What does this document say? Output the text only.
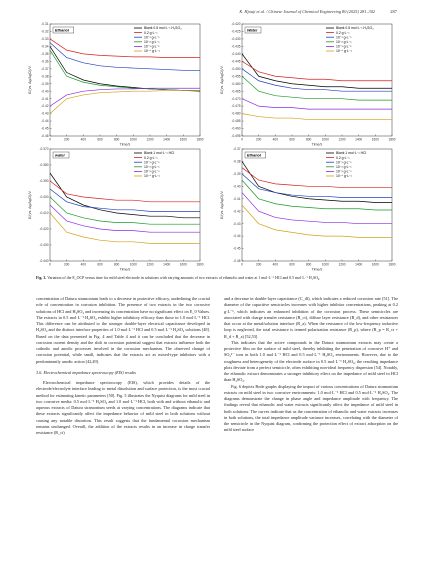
K. Hjouji et al. / Chinese Journal of Chemical Engineering 80 (2025) 281–302	287
0	200	400	600	800	1000	1200	1400	1600	1800
-0.31
-0.32
-0.33
-0.34
-0.35
-0.36
-0.37
-0.38
-0.39
-0.40
-0.41
-0.42
-0.43
-0.44
-0.45
-0.46
Time/s
E/(vs. Ag/AgCl)/V
Ethanol
Blank 0.5 mol·L⁻¹ H₂SO₄
0.2 g·L⁻¹
10⁻¹ g·L⁻¹
10⁻² g·L⁻¹
10⁻³ g·L⁻¹
10⁻⁴ g·L⁻¹
0	200	400	600	800	1000	1200	1400	1600	1800
-0.420
-0.425
-0.430
-0.435
-0.440
-0.445
-0.450
-0.455
-0.460
-0.465
-0.470
-0.475
-0.480
-0.485
-0.490
-0.495
Time/s
E/(vs. Ag/AgCl)/V
Water
Blank 0.5 mol·L⁻¹ H₂SO₄
0.2 g·L⁻¹
10⁻¹ g·L⁻¹
10⁻² g·L⁻¹
10⁻³ g·L⁻¹
10⁻⁴ g·L⁻¹
0	200	400	600	800	1000	1200	1400	1600	1800
-0.370
-0.380
-0.390
-0.400
-0.410
-0.420
-0.430
-0.440
Time/s
E/(vs. Ag/AgCl)/V
water
Blank 1 mol·L⁻¹ HCl
0.2 g·L⁻¹
10⁻¹ g·L⁻¹
10⁻² g·L⁻¹
10⁻³ g·L⁻¹
10⁻⁴ g·L⁻¹
0	200	400	600	800	1000	1200	1400	1600	1800
-0.37
-0.38
-0.39
-0.40
-0.41
-0.42
-0.43
-0.44
-0.45
-0.46
Time/s
E/(vs. Ag/AgCl)/V
Ethanol
Blank 1 mol·L⁻¹ HCl
0.2 g·L⁻¹
10⁻¹ g·L⁻¹
10⁻² g·L⁻¹
10⁻³ g·L⁻¹
10⁻⁴ g·L⁻¹
Fig. 3. Variation of the E_OCP versus time for mild steel electrode in solutions with varying amounts of two extracts of ethanolic and water at 1 mol·L⁻¹ HCl and 0.5 mol·L⁻¹ H₂SO₄.

concentration of Datura stramonium leads to a decrease in protective efficacy, underlining the crucial role of concentration in corrosion inhibition. The presence of two extracts in the two corrosive solutions of HCl and H₂SO₄ and increasing its concentration have no significant effect on E_0 Values. The extracts in 0.5 mol·L⁻¹ H₂SO₄ exhibit higher inhibitory efficacy than those in 1.0 mol·L⁻¹ HCl. This difference can be attributed to the stronger double-layer electrical capacitance developed in H₂SO₄ and the distinct interface properties of 1.0 mol·L⁻¹ HCl and 0.5 mol·L⁻¹ H₂SO₄ solutions [48]. Based on the data presented in Fig. 4 and Table 4 and it can be concluded that the decrease in corrosion current density and the shift in corrosion potential suggest that extracts influence both the cathodic and anodic processes involved in the corrosion mechanism. The observed change of corrosion potential, while small, indicates that the extracts act as mixed-type inhibitors with a predominantly anodic action [42,49].

3.6. Electrochemical impedance spectroscopy (EIS) results

Electrochemical impedance spectroscopy (EIS), which provides details of the electrode/electrolyte interface leading to metal dissolution and surface protection, is the most crucial method for estimating kinetic parameters [50]. Fig. 5 illustrates the Nyquist diagrams for mild steel in two corrosive media: 0.5 mol·L⁻¹ H₂SO₄ and 1.0 mol·L⁻¹ HCl, both with and without ethanolic and aqueous extracts of Datura stramonium seeds at varying concentrations. The diagrams indicate that these extracts significantly affect the impedance behavior of mild steel in both solutions without causing any notable distortion. This result suggests that the fundamental corrosion mechanism remains unchanged. Overall, the addition of the extracts results in an increase in charge transfer resistance (R_ct)

and a decrease in double-layer capacitance (C_dl), which indicates a reduced corrosion rate [51]. The diameter of the capacitive semicircles increases with higher inhibitor concentrations, peaking at 0.2 g·L⁻¹, which indicates an enhanced inhibition of the corrosion process. These semicircles are associated with charge transfer resistance (R_ct), diffuse layer resistance (R_d), and other resistances that occur at the metal/solution interface (R_a). When the resistance of the low-frequency inductive loop is neglected, the total resistance is termed polarization resistance (R_p), where (R_p = R_ct + R_d + R_a) [52,53].

This indicates that the active compounds in the Datura stramonium extracts may create a protective film on the surface of mild steel, thereby inhibiting the penetration of corrosive H⁺ and SO₄²⁻ ions in both 1.0 mol·L⁻¹ HCl and 0.5 mol·L⁻¹ H₂SO₄ environments. However, due to the roughness and heterogeneity of the electrode surface in 0.5 mol·L⁻¹ H₂SO₄, the resulting impedance plots deviate from a perfect semicircle, often exhibiting non-ideal frequency dispersion [54]. Notably, the ethanolic extract demonstrates a stronger inhibitory effect on the impedance of mild steel in HCl than H₂SO₄.

Fig. 6 depicts Bode graphs displaying the impact of various concentrations of Datura stramonium extracts on mild steel in two corrosive environments: 1.0 mol·L⁻¹ HCl and 0.5 mol·L⁻¹ H₂SO₄. The diagrams demonstrate the change in phase angle and impedance amplitude with frequency. The findings reveal that ethanolic and water extracts significantly affect the impedance of mild steel in both solutions. The curves indicate that as the concentration of ethanolic and water extracts increases in both solutions, the total impedance amplitude variance increases, correlating with the diameter of the semicircle in the Nyquist diagram, confirming the protection effect of extract adsorption on the mild steel surface
